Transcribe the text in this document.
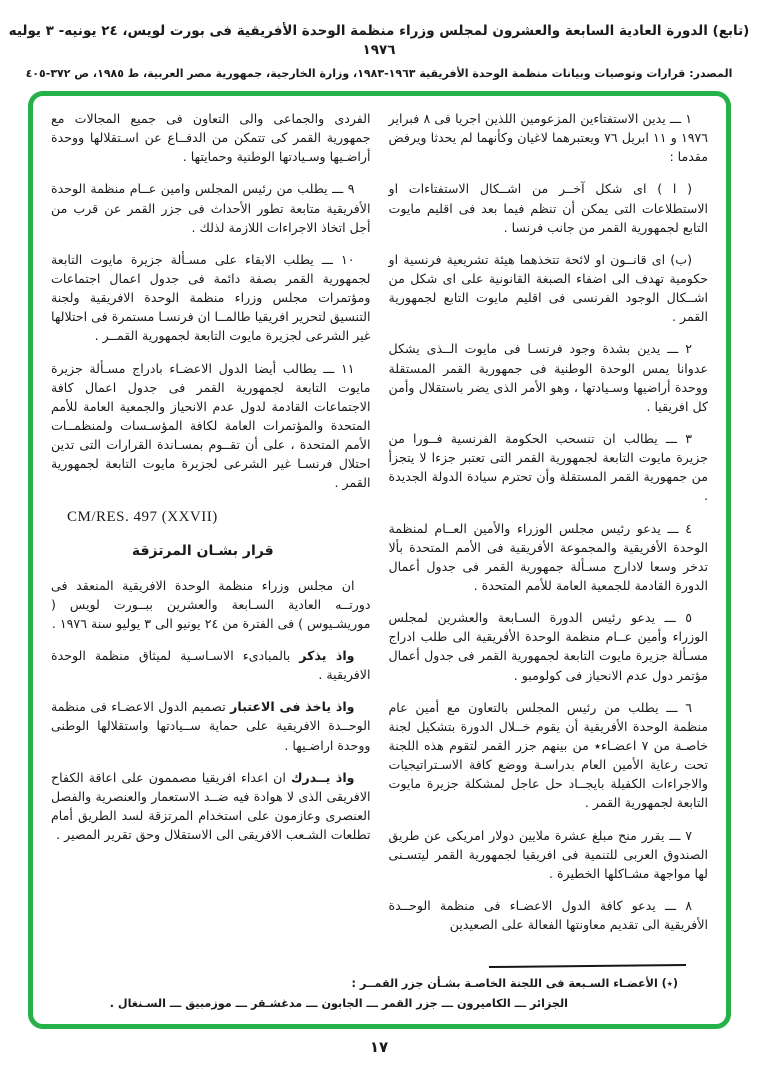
(تابع) الدورة العادية السابعة والعشرون لمجلس وزراء منظمة الوحدة الأفريقية فى بورت لويس، ٢٤ يونيه- ٣ يوليه ١٩٧٦
المصدر: قرارات وتوصيات وبيانات منظمة الوحدة الأفريقية ١٩٦٣-١٩٨٣، وزارة الخارجية، جمهورية مصر العربية، ط ١٩٨٥، ص ٣٧٢-٤٠٥

١ ـــ يدين الاستفتاءين المزعومين اللذين اجريا فى ٨ فبراير ١٩٧٦ و ١١ ابريل ٧٦ ويعتبرهما لاغيان وكأنهما لم يحدثا ويرفض مقدما :

( ا ) اى شكل آخــر من اشــكال الاستفتاءات او الاستطلاعات التى يمكن أن تنظم فيما بعد فى اقليم مايوت التابع لجمهورية القمر من جانب فرنسا .

(ب) اى قانــون او لائحة تتخذهما هيئة تشريعية فرنسية او حكومية تهدف الى اضفاء الصبغة القانونية على اى شكل من اشــكال الوجود الفرنسى فى اقليم مايوت التابع لجمهورية القمر .

٢ ـــ يدين بشدة وجود فرنسـا فى مايوت الــذى يشكل عدوانا يمس الوحدة الوطنية فى جمهورية القمر المستقلة ووحدة أراضيها وسـيادتها ، وهو الأمر الذى يضر باستقلال وأمن كل افريقيا .

٣ ـــ يطالب ان تنسحب الحكومة الفرنسية فــورا من جزيرة مايوت التابعة لجمهورية القمر التى تعتبر جزءا لا يتجزأ من جمهورية القمر المستقلة وأن تحترم سيادة الدولة الجديدة .

٤ ـــ يدعو رئيس مجلس الوزراء والأمين العــام لمنظمة الوحدة الأفريقية والمجموعة الأفريقية فى الأمم المتحدة بألا تدخر وسعا لادارج مسـألة جمهورية القمر فى جدول أعمال الدورة القادمة للجمعية العامة للأمم المتحدة .

٥ ـــ يدعو رئيس الدورة السـابعة والعشرين لمجلس الوزراء وأمين عــام منظمة الوحدة الأفريقية الى طلب ادراج مسـألة جزيرة مايوت التابعة لجمهورية القمر فى جدول أعمال مؤتمر دول عدم الانحياز فى كولومبو .

٦ ـــ يطلب من رئيس المجلس بالتعاون مع أمين عام منظمة الوحدة الأفريقية أن يقوم خــلال الدورة بتشكيل لجنة خاصـة من ٧ اعضـاء٭ من بينهم جزر القمر لتقوم هذه اللجنة تحت رعاية الأمين العام بدراسـة ووضع كافة الاسـتراتيجيات والاجراءات الكفيلة بايجــاد حل عاجل لمشكلة جزيرة مايوت التابعة لجمهورية القمر .

٧ ـــ يقرر منح مبلغ عشرة ملايين دولار امريكى عن طريق الصندوق العربى للتنمية فى افريقيا لجمهورية القمر ليتسـنى لها مواجهة مشـاكلها الخطيرة .

٨ ـــ يدعو كافة الدول الاعضـاء فى منظمة الوحــدة الأفريقية الى تقديم معاونتها الفعالة على الصعيدين

الفردى والجماعى والى التعاون فى جميع المجالات مع جمهورية القمر كى تتمكن من الدفــاع عن اسـتقلالها ووحدة أراضـيها وسـيادتها الوطنية وحمايتها .

٩ ـــ يطلب من رئيس المجلس وامين عــام منظمة الوحدة الأفريقية متابعة تطور الأحداث فى جزر القمر عن قرب من أجل اتخاذ الاجراءات اللازمة لذلك .

١٠ ـــ يطلب الابقاء على مسـألة جزيرة مايوت التابعة لجمهورية القمر بصفة دائمة فى جدول اعمال اجتماعات ومؤتمرات مجلس وزراء منظمة الوحدة الافريقية ولجنة التنسيق لتحرير افريقيا طالمــا ان فرنسـا مستمرة فى احتلالها غير الشرعى لجزيرة مايوت التابعة لجمهورية القمــر .

١١ ـــ يطالب أيضا الدول الاعضـاء بادراج مسـألة جزيرة مايوت التابعة لجمهورية القمر فى جدول اعمال كافة الاجتماعات القادمة لدول عدم الانحياز والجمعية العامة للأمم المتحدة والمؤتمرات العامة لكافة المؤسـسات ولمنظمــات الأمم المتحدة ، على أن تقــوم بمسـاندة القرارات التى تدين احتلال فرنسـا غير الشرعى لجزيرة مايوت التابعة لجمهورية القمر .

CM/RES. 497 (XXVII)

قرار بشـان المرتزقة

ان مجلس وزراء منظمة الوحدة الافريقية المنعقد فى دورتــه العادية السـابعة والعشرين ببــورت لويس ( موريشـيوس ) فى الفترة من ٢٤ يونيو الى ٣ يوليو سنة ١٩٧٦ .

واذ يذكر بالمبادىء الاسـاسـية لميثاق منظمة الوحدة الافريقية .

واذ ياخذ فى الاعتبار تصميم الدول الاعضـاء فى منظمة الوحــدة الافريقية على حماية ســيادتها واستقلالها الوطنى ووحدة اراضـيها .

واذ يــدرك ان اعداء افريقيا مصممون على اعاقة الكفاح الافريقى الذى لا هوادة فيه ضــد الاستعمار والعنصرية والفصل العنصرى وعازمون على استخدام المرتزقة لسد الطريق أمام تطلعات الشـعب الافريقى الى الاستقلال وحق تقرير المصير .

(٭) الأعضـاء السـبعة فى اللجنة الخاصـة بشـأن جزر القمــر :
الجزائر ـــ الكاميرون ـــ جزر القمر ـــ الجابون ـــ مدغشـقر ـــ موزمبيق ـــ السـنغال .
١٧
